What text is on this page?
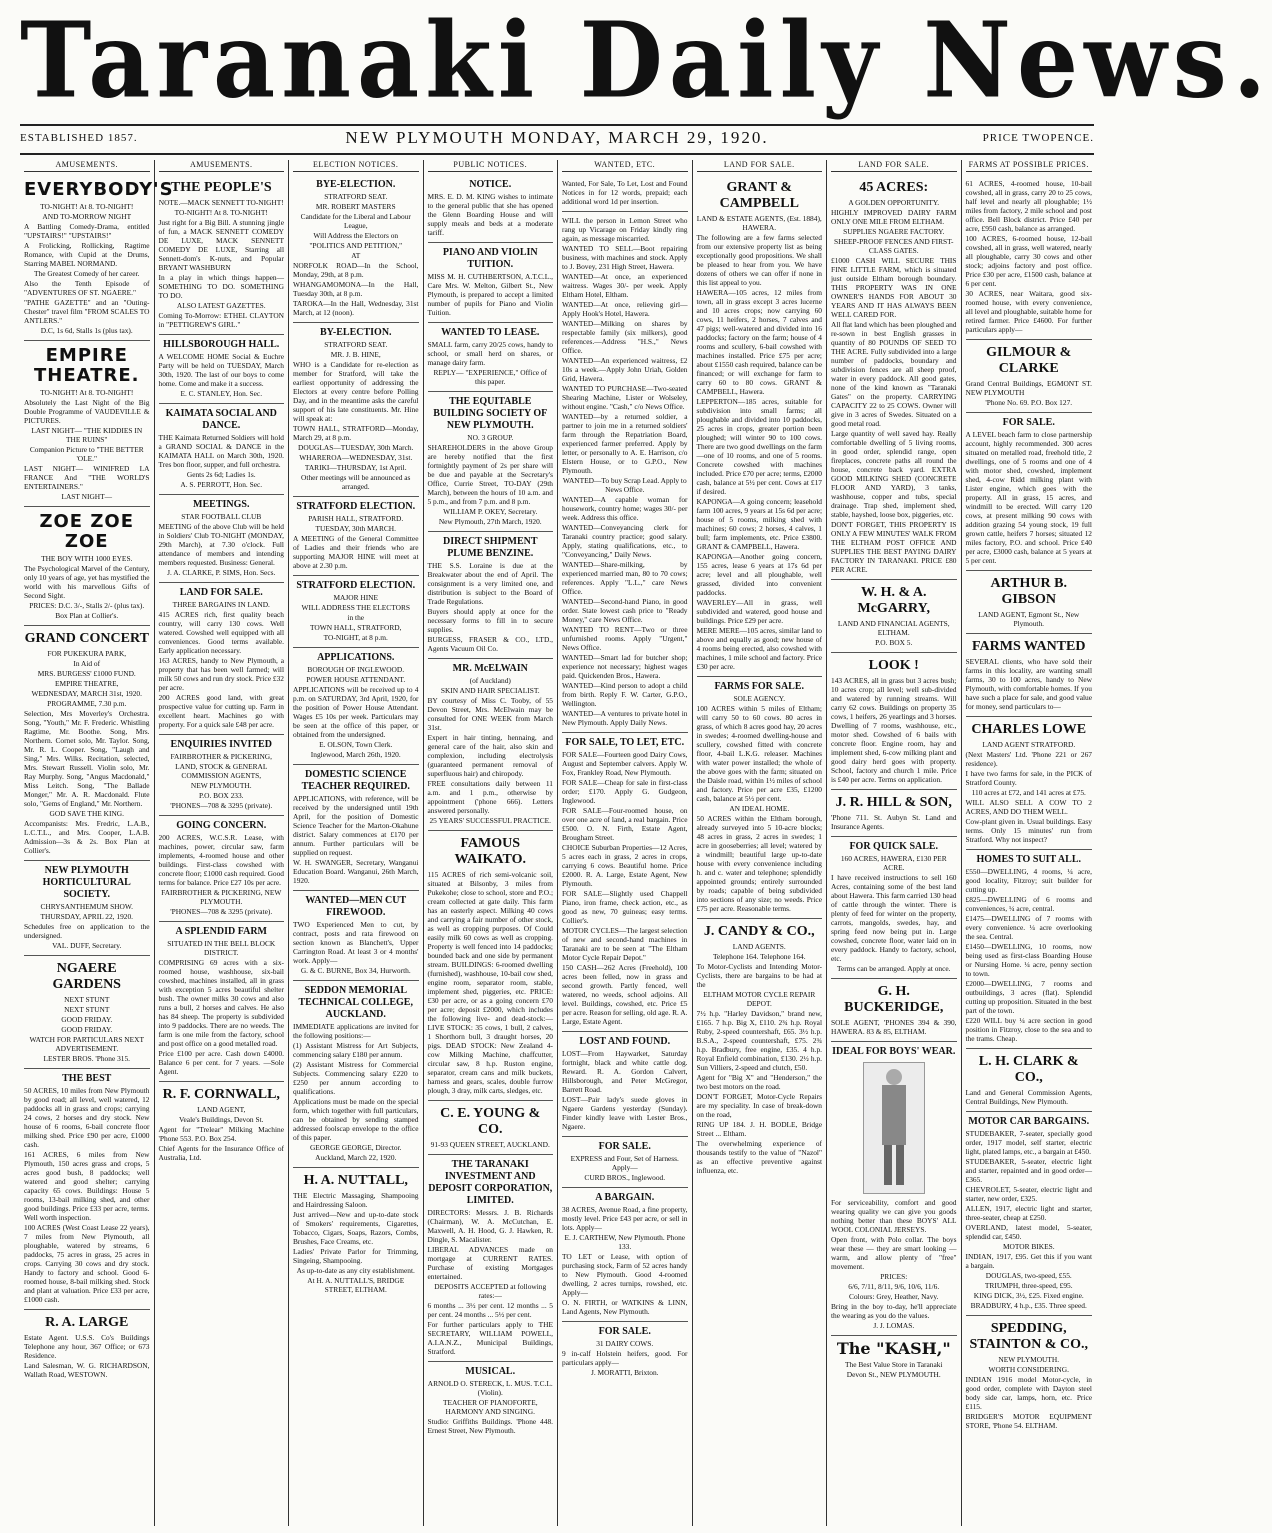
Taranaki Daily News.
ESTABLISHED 1857.	NEW PLYMOUTH MONDAY, MARCH 29, 1920.	PRICE TWOPENCE.
AMUSEMENTS.
EVERYBODY'S
TO-NIGHT! At 8. TO-NIGHT!
AND TO-MORROW NIGHT
A Battling Comedy-Drama, entitled "UPSTAIRS!" "UPSTAIRS!"
A Frolicking, Rollicking, Ragtime Romance, with Cupid at the Drums, Starring MABEL NORMAND.
The Greatest Comedy of her career.
Also the Tenth Episode of "ADVENTURES OF ST. NGAERE."
"PATHE GAZETTE" and an "Outing-Chester" travel film "FROM SCALES TO ANTLERS."
D.C, 1s 6d, Stalls 1s (plus tax).
EMPIRE THEATRE.
TO-NIGHT! At 8. TO-NIGHT!
Absolutely the Last Night of the Big Double Programme of VAUDEVILLE & PICTURES.
LAST NIGHT— "THE KIDDIES IN THE RUINS"
Companion Picture to "THE BETTER 'OLE."
LAST NIGHT— WINIFRED LA FRANCE And "THE WORLD'S ENTERTAINERS."
LAST NIGHT—
ZOE ZOE ZOE
THE BOY WITH 1000 EYES.
The Psychological Marvel of the Century, only 10 years of age, yet has mystified the world with his marvellous Gifts of Second Sight.
PRICES: D.C. 3/-, Stalls 2/- (plus tax).
Box Plan at Collier's.
GRAND CONCERT
FOR PUKEKURA PARK,
In Aid of
MRS. BURGESS' £1000 FUND.
EMPIRE THEATRE,
WEDNESDAY, MARCH 31st, 1920.
PROGRAMME, 7.30 p.m.
Selection, Mrs Moverley's Orchestra. Song, "Youth," Mr. F. Frederic. Whistling Ragtime, Mr. Boothe. Song, Mrs. Northern. Cornet solo, Mr. Taylor. Song, Mr. R. L. Cooper. Song, "Laugh and Sing," Mrs. Wilks. Recitation, selected, Mrs. Stewart Russell. Violin solo, Mr. Ray Murphy. Song, "Angus Macdonald," Miss Leitch. Song, "The Ballade Monger," Mr. A. R. Macdonald. Flute solo, "Gems of England," Mr. Northern.
GOD SAVE THE KING.
Accompanists: Mrs. Fredric, L.A.B., L.C.T.L., and Mrs. Cooper, L.A.B. Admission—3s & 2s. Box Plan at Collier's.
NEW PLYMOUTH HORTICULTURAL SOCIETY.
CHRYSANTHEMUM SHOW.
THURSDAY, APRIL 22, 1920.
Schedules free on application to the undersigned.
VAL. DUFF, Secretary.
NGAERE GARDENS
NEXT STUNT
NEXT STUNT
GOOD FRIDAY.
GOOD FRIDAY.
WATCH FOR PARTICULARS NEXT ADVERTISEMENT.
LESTER BROS. 'Phone 315.
THE BEST
50 ACRES, 10 miles from New Plymouth by good road; all level, well watered, 12 paddocks all in grass and crops; carrying 24 cows, 2 horses and dry stock. New house of 6 rooms, 6-bail concrete floor milking shed. Price £90 per acre, £1000 cash.
161 ACRES, 6 miles from New Plymouth, 150 acres grass and crops, 5 acres good bush, 8 paddocks; well watered and good shelter; carrying capacity 65 cows. Buildings: House 5 rooms, 13-bail milking shed, and other good buildings. Price £33 per acre, terms. Well worth inspection.
100 ACRES (West Coast Lease 22 years), 7 miles from New Plymouth, all ploughable, watered by streams, 6 paddocks, 75 acres in grass, 25 acres in crops. Carrying 30 cows and dry stock. Handy to factory and school. Good 6-roomed house, 8-bail milking shed. Stock and plant at valuation. Price £33 per acre, £1000 cash.
R. A. LARGE
Estate Agent. U.S.S. Co's Buildings Telephone any hour, 367 Office; or 673 Residence.
Land Salesman, W. G. RICHARDSON, Wallath Road, WESTOWN.
AMUSEMENTS.
THE PEOPLE'S
NOTE.—MACK SENNETT TO-NIGHT!
TO-NIGHT! At 8. TO-NIGHT!
Just right for a Big Bill. A stunning jingle of fun, a MACK SENNETT COMEDY DE LUXE, MACK SENNETT COMEDY DE LUXE, Starring all Sennett-dom's K-nuts, and Popular BRYANT WASHBURN
In a play in which things happen—SOMETHING TO DO. SOMETHING TO DO.
ALSO LATEST GAZETTES.
Coming To-Morrow: ETHEL CLAYTON in "PETTIGREW'S GIRL."
HILLSBOROUGH HALL.
A WELCOME HOME Social & Euchre Party will be held on TUESDAY, March 30th, 1920. The last of our boys to come home. Come and make it a success.
E. C. STANLEY, Hon. Sec.
KAIMATA SOCIAL AND DANCE.
THE Kaimata Returned Soldiers will hold a GRAND SOCIAL & DANCE in the KAIMATA HALL on March 30th, 1920. Tres bon floor, supper, and full orchestra.
Gents 2s 6d; Ladies 1s.
A. S. PERROTT, Hon. Sec.
MEETINGS.
STAR FOOTBALL CLUB
MEETING of the above Club will be held in Soldiers' Club TO-NIGHT (MONDAY, 29th March), at 7.30 o'clock. Full attendance of members and intending members requested. Business: General.
J. A. CLARKE, P. SIMS, Hon. Secs.
LAND FOR SALE.
THREE BARGAINS IN LAND.
415 ACRES rich, first quality beach country, will carry 130 cows. Well watered. Cowshed well equipped with all conveniences. Good terms available. Early application necessary.
163 ACRES, handy to New Plymouth, a property that has been well farmed; will milk 50 cows and run dry stock. Price £32 per acre.
200 ACRES good land, with great prospective value for cutting up. Farm in excellent heart. Machines go with property. For a quick sale £48 per acre.
ENQUIRIES INVITED
FAIRBROTHER & PICKERING,
LAND, STOCK & GENERAL COMMISSION AGENTS,
NEW PLYMOUTH.
P.O. BOX 233.
'PHONES—708 & 3295 (private).
GOING CONCERN.
200 ACRES, W.C.S.R. Lease, with machines, power, circular saw, farm implements, 4-roomed house and other buildings. First-class cowshed with concrete floor; £1000 cash required. Good terms for balance. Price £27 10s per acre.
FAIRBROTHER & PICKERING, NEW PLYMOUTH.
'PHONES—708 & 3295 (private).
A SPLENDID FARM
SITUATED IN THE BELL BLOCK DISTRICT.
COMPRISING 69 acres with a six-roomed house, washhouse, six-bail cowshed, machines installed, all in grass with exception 5 acres beautiful shelter bush. The owner milks 30 cows and also runs a bull, 2 horses and calves. He also has 84 sheep. The property is subdivided into 9 paddocks. There are no weeds. The farm is one mile from the factory, school and post office on a good metalled road.
Price £100 per acre. Cash down £4000. Balance 6 per cent. for 7 years. —Sole Agent.
R. F. CORNWALL,
LAND AGENT,
Veale's Buildings, Devon St.
Agent for "Trelear" Milking Machine 'Phone 553. P.O. Box 254.
Chief Agents for the Insurance Office of Australia, Ltd.
ELECTION NOTICES.
BYE-ELECTION.
STRATFORD SEAT.
MR. ROBERT MASTERS
Candidate for the Liberal and Labour League,
Will Address the Electors on
"POLITICS AND PETITION,"
AT
NORFOLK ROAD—In the School, Monday, 29th, at 8 p.m.
WHANGAMOMONA—In the Hall, Tuesday 30th, at 8 p.m.
TAROKA—In the Hall, Wednesday, 31st March, at 12 (noon).
BY-ELECTION.
STRATFORD SEAT.
MR. J. B. HINE,
WHO is a Candidate for re-election as member for Stratford, will take the earliest opportunity of addressing the Electors at every centre before Polling Day, and in the meantime asks the careful support of his late constituents. Mr. Hine will speak at:
TOWN HALL, STRATFORD—Monday, March 29, at 8 p.m.
DOUGLAS—TUESDAY, 30th March.
WHAREROA—WEDNESDAY, 31st.
TARIKI—THURSDAY, 1st April.
Other meetings will be announced as arranged.
STRATFORD ELECTION.
PARISH HALL, STRATFORD.
TUESDAY, 30th MARCH.
A MEETING of the General Committee of Ladies and their friends who are supporting MAJOR HINE will meet at above at 2.30 p.m.
STRATFORD ELECTION.
MAJOR HINE
WILL ADDRESS THE ELECTORS
in the
TOWN HALL, STRATFORD,
TO-NIGHT, at 8 p.m.
APPLICATIONS.
BOROUGH OF INGLEWOOD.
POWER HOUSE ATTENDANT.
APPLICATIONS will be received up to 4 p.m. on SATURDAY, 3rd April, 1920, for the position of Power House Attendant. Wages £5 10s per week. Particulars may be seen at the office of this paper, or obtained from the undersigned.
E. OLSON, Town Clerk.
Inglewood, March 26th, 1920.
DOMESTIC SCIENCE TEACHER REQUIRED.
APPLICATIONS, with reference, will be received by the undersigned until 19th April, for the position of Domestic Science Teacher for the Marton-Okahune district. Salary commences at £170 per annum. Further particulars will be supplied on request.
W. H. SWANGER, Secretary, Wanganui Education Board. Wanganui, 26th March, 1920.
WANTED—MEN CUT FIREWOOD.
TWO Experienced Men to cut, by contract, posts and rata firewood on section known as Blanchett's, Upper Carrington Road. At least 3 or 4 months' work. Apply—
G. & C. BURNE, Box 34, Hurworth.
SEDDON MEMORIAL TECHNICAL COLLEGE, AUCKLAND.
IMMEDIATE applications are invited for the following positions:—
(1) Assistant Mistress for Art Subjects, commencing salary £180 per annum.
(2) Assistant Mistress for Commercial Subjects. Commencing salary £220 to £250 per annum according to qualifications.
Applications must be made on the special form, which together with full particulars, can be obtained by sending stamped addressed foolscap envelope to the office of this paper.
GEORGE GEORGE, Director.
Auckland, March 22, 1920.
H. A. NUTTALL,
THE Electric Massaging, Shampooing and Hairdressing Saloon.
Just arrived—New and up-to-date stock of Smokers' requirements, Cigarettes, Tobacco, Cigars, Soaps, Razors, Combs, Brushes, Face Creams, etc.
Ladies' Private Parlor for Trimming, Singeing, Shampooing.
As up-to-date as any city establishment.
At H. A. NUTTALL'S, BRIDGE STREET, ELTHAM.
PUBLIC NOTICES.
NOTICE.
MRS. E. D. M. KING wishes to intimate to the general public that she has opened the Glenn Boarding House and will supply meals and beds at a moderate tariff.
PIANO AND VIOLIN TUITION.
MISS M. H. CUTHBERTSON, A.T.C.L., Care Mrs. W. Melton, Gilbert St., New Plymouth, is prepared to accept a limited number of pupils for Piano and Violin Tuition.
WANTED TO LEASE.
SMALL farm, carry 20/25 cows, handy to school, or small herd on shares, or manage dairy farm.
REPLY— "EXPERIENCE," Office of this paper.
THE EQUITABLE BUILDING SOCIETY OF NEW PLYMOUTH.
NO. 3 GROUP.
SHAREHOLDERS in the above Group are hereby notified that the first fortnightly payment of 2s per share will be due and payable at the Secretary's Office, Currie Street, TO-DAY (29th March), between the hours of 10 a.m. and 5 p.m., and from 7 p.m. and 8 p.m.
WILLIAM P. OKEY, Secretary.
New Plymouth, 27th March, 1920.
DIRECT SHIPMENT PLUME BENZINE.
THE S.S. Loraine is due at the Breakwater about the end of April. The consignment is a very limited one, and distribution is subject to the Board of Trade Regulations.
Buyers should apply at once for the necessary forms to fill in to secure supplies.
BURGESS, FRASER & CO., LTD., Agents Vacuum Oil Co.
MR. McELWAIN
(of Auckland)
SKIN AND HAIR SPECIALIST.
BY courtesy of Miss C. Tooby, of 55 Devon Street, Mrs. McElwain may be consulted for ONE WEEK from March 31st.
Expert in hair tinting, hennaing, and general care of the hair, also skin and complexion, including electrolysis (guaranteed permanent removal of superfluous hair) and chiropody.
FREE consultations daily between 11 a.m. and 1 p.m., otherwise by appointment ('phone 666). Letters answered personally.
25 YEARS' SUCCESSFUL PRACTICE.
FAMOUS WAIKATO.
115 ACRES of rich semi-volcanic soil, situated at Bilsonby, 3 miles from Pukekohe; close to school, store and P.O.; cream collected at gate daily. This farm has an easterly aspect. Milking 40 cows and carrying a fair number of other stock, as well as cropping purposes. Of Could easily milk 60 cows as well as cropping. Property is well fenced into 14 paddocks; bounded back and one side by permanent stream. BUILDINGS: 6-roomed dwelling (furnished), washhouse, 10-bail cow shed, engine room, separator room, stable, implement shed, piggeries, etc. PRICE: £30 per acre, or as a going concern £70 per acre; deposit £2000, which includes the following live- and dead-stock:—LIVE STOCK: 35 cows, 1 bull, 2 calves, 1 Shorthorn bull, 3 draught horses, 20 pigs. DEAD STOCK: New Zealand 4-cow Milking Machine, chaffcutter, circular saw, 8 h.p. Ruston engine, separator, cream cans and milk buckets, harness and gears, scales, double furrow plough, 3 dray, milk carts, sledges, etc.
C. E. YOUNG & CO.
91-93 QUEEN STREET, AUCKLAND.
THE TARANAKI INVESTMENT AND DEPOSIT CORPORATION, LIMITED.
DIRECTORS: Messrs. J. B. Richards (Chairman), W. A. McCutchan, E. Maxwell, A. H. Hood, G. J. Hawken, R. Dingle, S. Macalister.
LIBERAL ADVANCES made on mortgage at CURRENT RATES. Purchase of existing Mortgages entertained.
DEPOSITS ACCEPTED at following rates:—
6 months ... 3½ per cent. 12 months ... 5 per cent. 24 months ... 5½ per cent.
For further particulars apply to THE SECRETARY, WILLIAM POWELL, A.I.A.N.Z., Municipal Buildings, Stratford.
MUSICAL.
ARNOLD O. STERECK, L. MUS. T.C.L. (Violin).
TEACHER OF PIANOFORTE, HARMONY AND SINGING.
Studio: Griffiths Buildings. 'Phone 448. Ernest Street, New Plymouth.
WANTED, ETC.
Wanted, For Sale, To Let, Lost and Found Notices in for 12 words, prepaid; each additional word 1d per insertion.
WILL the person in Lemon Street who rang up Vicarage on Friday kindly ring again, as message miscarried.
WANTED TO SELL—Boot repairing business, with machines and stock. Apply to J. Bovey, 231 High Street, Hawera.
WANTED—At once, an experienced waitress. Wages 30/- per week. Apply Eltham Hotel, Eltham.
WANTED—At once, relieving girl—Apply Hook's Hotel, Hawera.
WANTED—Milking on shares by respectable family (six milkers), good references.—Address "H.S.," News Office.
WANTED—An experienced waitress, £2 10s a week.—Apply John Uriah, Golden Grid, Hawera.
WANTED TO PURCHASE—Two-seated Shearing Machine, Lister or Wolseley, without engine. "Cash," c/o News Office.
WANTED—by a returned soldier, a partner to join me in a returned soldiers' farm through the Repatriation Board, experienced farmer preferred. Apply by letter, or personally to A. E. Harrison, c/o Elstern House, or to G.P.O., New Plymouth.
WANTED—To buy Scrap Lead. Apply to News Office.
WANTED—A capable woman for housework, country home; wages 30/- per week. Address this office.
WANTED—Conveyancing clerk for Taranaki country practice; good salary. Apply, stating qualifications, etc., to "Conveyancing," Daily News.
WANTED—Share-milking, by experienced married man, 80 to 70 cows; references. Apply "L.L.," care News Office.
WANTED—Second-hand Piano, in good order. State lowest cash price to "Ready Money," care News Office.
WANTED TO RENT—Two or three unfurnished rooms. Apply "Urgent," News Office.
WANTED—Smart lad for butcher shop; experience not necessary; highest wages paid. Quickenden Bros., Hawera.
WANTED—Kind person to adopt a child from birth. Reply F. W. Carter, G.P.O., Wellington.
WANTED—A ventures to private hotel in New Plymouth. Apply Daily News.
FOR SALE, TO LET, ETC.
FOR SALE—Fourteen good Dairy Cows, August and September calvers. Apply W. Fox, Frankley Road, New Plymouth.
FOR SALE—Cheap for sale in first-class order; £170. Apply G. Gudgeon, Inglewood.
FOR SALE—Four-roomed house, on over one acre of land, a real bargain. Price £500. O. N. Firth, Estate Agent, Brougham Street.
CHOICE Suburban Properties—12 Acres, 5 acres each in grass, 2 acres in crops, carrying 6 cows. Beautiful home. Price £2000. R. A. Large, Estate Agent, New Plymouth.
FOR SALE—Slightly used Chappell Piano, iron frame, check action, etc., as good as new, 70 guineas; easy terms. Collier's.
MOTOR CYCLES—The largest selection of new and second-hand machines in Taranaki are to be seen at "The Eltham Motor Cycle Repair Depot."
150 CASH—262 Acres (Freehold), 100 acres been felled, now in grass and second growth. Partly fenced, well watered, no weeds, school adjoins. All level. Buildings, cowshed, etc. Price £5 per acre. Reason for selling, old age. R. A. Large, Estate Agent.
LOST AND FOUND.
LOST—From Haywarket, Saturday fortnight, black and white cattle dog. Reward. R. A. Gordon Calvert, Hillsborough, and Peter McGregor, Barrett Road.
LOST—Pair lady's suede gloves in Ngaere Gardens yesterday (Sunday). Finder kindly leave with Lester Bros., Ngaere.
FOR SALE.
EXPRESS and Four, Set of Harness. Apply—
CURD BROS., Inglewood.
A BARGAIN.
38 ACRES, Avenue Road, a fine property, mostly level. Price £43 per acre, or sell in lots. Apply—
E. J. CARTHEW, New Plymouth. Phone 133.
TO LET or Lease, with option of purchasing stock, Farm of 52 acres handy to New Plymouth. Good 4-roomed dwelling, 2 acres turnips, rowshed, etc. Apply—
O. N. FIRTH, or WATKINS & LINN, Land Agents, New Plymouth.
FOR SALE.
31 DAIRY COWS.
9 in-calf Holstein heifers, good. For particulars apply—
J. MORATTI, Brixton.
LAND FOR SALE.
GRANT & CAMPBELL
LAND & ESTATE AGENTS, (Est. 1884), HAWERA.
The following are a few farms selected from our extensive property list as being exceptionally good propositions. We shall be pleased to hear from you. We have dozens of others we can offer if none in this list appeal to you.
HAWERA—105 acres, 12 miles from town, all in grass except 3 acres lucerne and 10 acres crops; now carrying 60 cows, 11 heifers, 2 horses, 7 calves and 47 pigs; well-watered and divided into 16 paddocks; factory on the farm; house of 4 rooms and scullery, 6-bail cowshed with machines installed. Price £75 per acre; about £1550 cash required, balance can be financed; or will exchange for farm to carry 60 to 80 cows. GRANT & CAMPBELL, Hawera.
LEPPERTON—185 acres, suitable for subdivision into small farms; all ploughable and divided into 10 paddocks, 25 acres in crops, greater portion been ploughed; will winter 90 to 100 cows. There are two good dwellings on the farm—one of 10 rooms, and one of 5 rooms. Concrete cowshed with machines included. Price £70 per acre; terms, £2000 cash, balance at 5½ per cent. Cows at £17 if desired.
KAPONGA—A going concern; leasehold farm 100 acres, 9 years at 15s 6d per acre; house of 5 rooms, milking shed with machines; 60 cows; 2 horses, 4 calves, 1 bull; farm implements, etc. Price £3800. GRANT & CAMPBELL, Hawera.
KAPONGA—Another going concern, 155 acres, lease 6 years at 17s 6d per acre; level and all ploughable, well grassed, divided into convenient paddocks.
WAVERLEY—All in grass, well subdivided and watered, good house and buildings. Price £29 per acre.
MERE MERE—105 acres, similar land to above and equally as good; new house of 4 rooms being erected, also cowshed with machines, 1 mile school and factory. Price £30 per acre.
FARMS FOR SALE.
SOLE AGENCY.
100 ACRES within 5 miles of Eltham; will carry 50 to 60 cows. 80 acres in grass, of which 8 acres good hay, 20 acres in swedes; 4-roomed dwelling-house and scullery, cowshed fitted with concrete floor, 4-bail L.K.G. releaser. Machines with water power installed; the whole of the above goes with the farm; situated on the Daisle road, within 1½ miles of school and factory. Price per acre £35, £1200 cash, balance at 5½ per cent.
AN IDEAL HOME.
50 ACRES within the Eltham borough, already surveyed into 5 10-acre blocks; 48 acres in grass, 2 acres in swedes; 1 acre in gooseberries; all level; watered by a windmill; beautiful large up-to-date house with every convenience including h. and c. water and telephone; splendidly appointed grounds; entirely surrounded by roads; capable of being subdivided into sections of any size; no weeds. Price £75 per acre. Reasonable terms.
J. CANDY & CO.,
LAND AGENTS.
Telephone 164. Telephone 164.
To Motor-Cyclists and Intending Motor-Cyclists, there are bargains to be had at the
ELTHAM MOTOR CYCLE REPAIR DEPOT.
7½ h.p. "Harley Davidson," brand new, £165. 7 h.p. Big X, £110. 2¾ h.p. Royal Ruby, 2-speed countershaft, £65. 3½ h.p. B.S.A., 2-speed countershaft, £75. 2¾ h.p. Bradbury, free engine, £35. 4 h.p. Royal Enfield combination, £130. 2½ h.p. Sun Villiers, 2-speed and clutch, £50.
Agent for "Big X" and "Henderson," the two best motors on the road.
DON'T FORGET, Motor-Cycle Repairs are my speciality. In case of break-down on the road,
RING UP 184. J. H. BODLE, Bridge Street ... Eltham.
The overwhelming experience of thousands testify to the value of "Nazol" as an effective preventive against influenza, etc.
LAND FOR SALE.
45 ACRES:
A GOLDEN OPPORTUNITY.
HIGHLY IMPROVED DAIRY FARM ONLY ONE MILE FROM ELTHAM.
SUPPLIES NGAERE FACTORY.
SHEEP-PROOF FENCES AND FIRST-CLASS GATES.
£1000 CASH WILL SECURE THIS FINE LITTLE FARM, which is situated just outside Eltham borough boundary. THIS PROPERTY WAS IN ONE OWNER'S HANDS FOR ABOUT 30 YEARS AND IT HAS ALWAYS BEEN WELL CARED FOR.
All flat land which has been ploughed and re-sown in best English grasses in quantity of 80 POUNDS OF SEED TO THE ACRE. Fully subdivided into a large number of paddocks, boundary and subdivision fences are all sheep proof, water in every paddock. All good gates, none of the kind known as "Taranaki Gates" on the property. CARRYING CAPACITY 22 to 25 COWS. Owner will give in 3 acres of Swedes. Situated on a good metal road.
Large quantity of well saved hay. Really comfortable dwelling of 5 living rooms, in good order, splendid range, open fireplaces, concrete paths all round the house, concrete back yard. EXTRA GOOD MILKING SHED (CONCRETE FLOOR AND YARD), 3 tanks, washhouse, copper and tubs, special drainage. Trap shed, implement shed, stable, hayshed, loose box, piggeries, etc.
DON'T FORGET, THIS PROPERTY IS ONLY A FEW MINUTES' WALK FROM THE ELTHAM POST OFFICE AND SUPPLIES THE BEST PAYING DAIRY FACTORY IN TARANAKI. PRICE £80 PER ACRE.
W. H. & A. McGARRY,
LAND AND FINANCIAL AGENTS, ELTHAM.
P.O. BOX 5.
LOOK !
143 ACRES, all in grass but 3 acres bush; 10 acres crop; all level; well sub-divided and watered by running streams. Will carry 62 cows. Buildings on property 35 cows, 1 heifers, 26 yearlings and 3 horses. Dwelling of 7 rooms, washhouse, etc., motor shed. Cowshed of 6 bails with concrete floor. Engine room, hay and implement shed, 6-cow milking plant and good dairy herd goes with property. School, factory and church 1 mile. Price is £40 per acre. Terms on application.
J. R. HILL & SON,
'Phone 711. St. Aubyn St. Land and Insurance Agents.
FOR QUICK SALE.
160 ACRES, HAWERA, £130 PER ACRE.
I have received instructions to sell 160 Acres, containing some of the best land about Hawera. This farm carried 130 head of cattle through the winter. There is plenty of feed for winter on the property, carrots, mangolds, swedes, hay, and spring feed now being put in. Large cowshed, concrete floor, water laid on in every paddock. Handy to factory, school, etc.
Terms can be arranged. Apply at once.
G. H. BUCKERIDGE,
SOLE AGENT, 'PHONES 394 & 390, HAWERA. 83 & 85, ELTHAM.
IDEAL FOR BOYS' WEAR.
For serviceability, comfort and good wearing quality we can give you goods nothing better than these BOYS' ALL WOOL COLONIAL JERSEYS.
Open front, with Polo collar. The boys wear these — they are smart looking — warm, and allow plenty of "free" movement.
PRICES:
6/6, 7/11, 8/11, 9/6, 10/6, 11/6.
Colours: Grey, Heather, Navy.
Bring in the boy to-day, he'll appreciate the wearing as you do the values.
J. J. LOMAS.
The "KASH,"
The Best Value Store in Taranaki
Devon St., NEW PLYMOUTH.
FARMS AT POSSIBLE PRICES.
61 ACRES, 4-roomed house, 10-bail cowshed, all in grass, carry 20 to 25 cows, half level and nearly all ploughable; 1½ miles from factory, 2 mile school and post office. Bell Block district. Price £40 per acre, £950 cash, balance as arranged.
100 ACRES, 6-roomed house, 12-bail cowshed, all in grass, well watered, nearly all ploughable, carry 30 cows and other stock; adjoins factory and post office. Price £30 per acre, £1500 cash, balance at 6 per cent.
30 ACRES, near Waitara, good six-roomed house, with every convenience, all level and ploughable, suitable home for retired farmer. Price £4600. For further particulars apply—
GILMOUR & CLARKE
Grand Central Buildings, EGMONT ST. NEW PLYMOUTH
'Phone No. 69. P.O. Box 127.
FOR SALE.
A LEVEL beach farm to close partnership account, highly recommended. 300 acres situated on metalled road, freehold title, 2 dwellings, one of 5 rooms and one of 4 with motor shed, cowshed, implement shed, 4-cow Ridd milking plant with Lister engine, which goes with the property. All in grass, 15 acres, and windmill to be erected. Will carry 120 cows, at present milking 90 cows with addition grazing 54 young stock, 19 full grown cattle, heifers 7 horses; situated 12 miles factory, P.O. and school. Price £40 per acre, £3000 cash, balance at 5 years at 5 per cent.
ARTHUR B. GIBSON
LAND AGENT, Egmont St., New Plymouth.
FARMS WANTED
SEVERAL clients, who have sold their farms in this locality, are wanting small farms, 30 to 100 acres, handy to New Plymouth, with comfortable homes. If you have such a place for sale, and good value for money, send particulars to—
CHARLES LOWE
LAND AGENT STRATFORD.
(Next Masters' Ltd. 'Phone 221 or 267 residence).
I have two farms for sale, in the PICK of Stratford County.
110 acres at £72, and 141 acres at £75.
WILL ALSO SELL A COW TO 2 ACRES, AND DO THEM WELL.
Cow-plant given in. Usual buildings. Easy terms. Only 15 minutes' run from Stratford. Why not inspect?
HOMES TO SUIT ALL.
£550—DWELLING, 4 rooms, ¼ acre, good locality, Fitzroy; suit builder for cutting up.
£825—DWELLING of 6 rooms and conveniences, ¼ acre, central.
£1475—DWELLING of 7 rooms with every convenience. ¼ acre overlooking the sea. Central.
£1450—DWELLING, 10 rooms, now being used as first-class Boarding House or Nursing Home. ¼ acre, penny section to town.
£2000—DWELLING, 7 rooms and outbuildings, 3 acres (flat). Splendid cutting up proposition. Situated in the best part of the town.
£220 WILL buy ¼ acre section in good position in Fitzroy, close to the sea and to the trams. Cheap.
L. H. CLARK & CO.,
Land and General Commission Agents, Central Buildings, New Plymouth.
MOTOR CAR BARGAINS.
STUDEBAKER, 7-seater, specially good order, 1917 model, self starter, electric light, plated lamps, etc., a bargain at £450.
STUDEBAKER, 5-seater, electric light and starter, repainted and in good order—£365.
CHEVROLET, 5-seater, electric light and starter, new order, £325.
ALLEN, 1917, electric light and starter, three-seater, cheap at £250.
OVERLAND, latest model, 5-seater, splendid car, £450.
MOTOR BIKES.
INDIAN, 1917, £95. Get this if you want a bargain.
DOUGLAS, two-speed, £55.
TRIUMPH, three-speed, £95.
KING DICK, 3½, £25. Fixed engine.
BRADBURY, 4 h.p., £35. Three speed.
SPEDDING, STAINTON & CO.,
NEW PLYMOUTH.
WORTH CONSIDERING.
INDIAN 1916 model Motor-cycle, in good order, complete with Dayton steel body side car, lamps, horn, etc. Price £115.
BRIDGER'S MOTOR EQUIPMENT STORE, 'Phone 54. ELTHAM.
